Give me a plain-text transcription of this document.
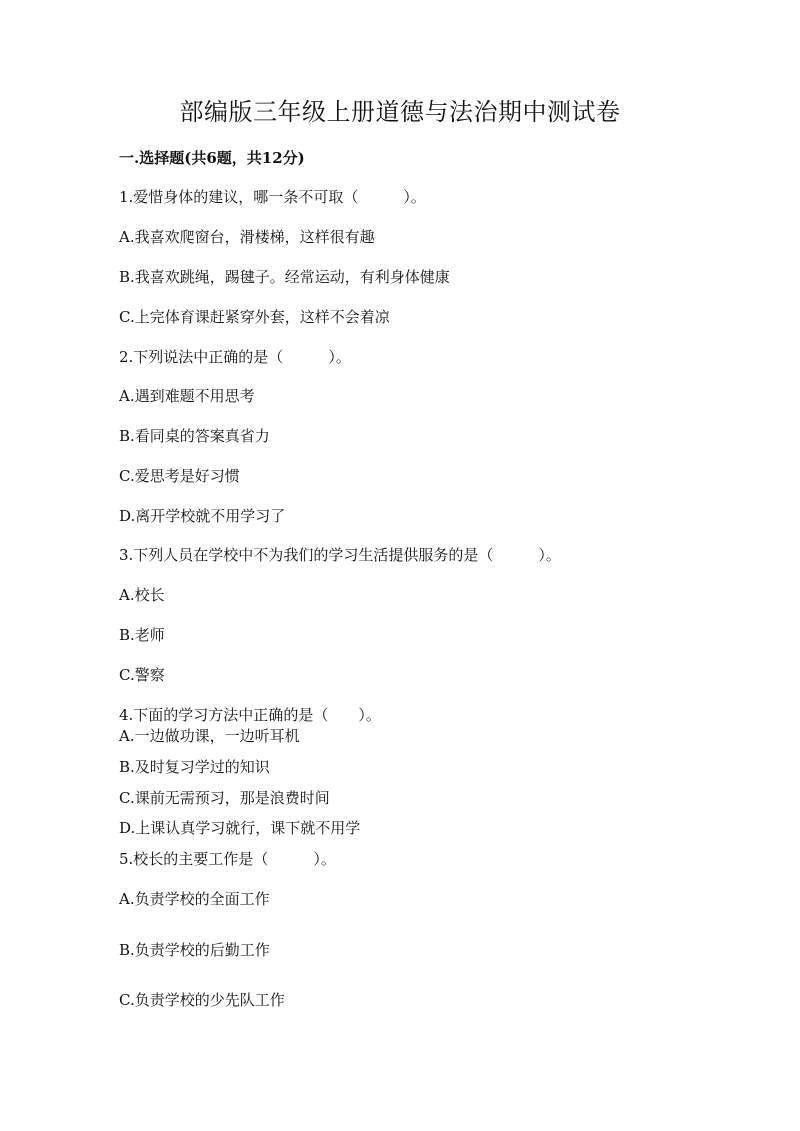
部编版三年级上册道德与法治期中测试卷
一.选择题(共6题，共12分)
1.爱惜身体的建议，哪一条不可取（　　　）。
A.我喜欢爬窗台，滑楼梯，这样很有趣
B.我喜欢跳绳，踢毽子。经常运动，有利身体健康
C.上完体育课赶紧穿外套，这样不会着凉
2.下列说法中正确的是（　　　）。
A.遇到难题不用思考
B.看同桌的答案真省力
C.爱思考是好习惯
D.离开学校就不用学习了
3.下列人员在学校中不为我们的学习生活提供服务的是（　　　）。
A.校长
B.老师
C.警察
4.下面的学习方法中正确的是（　　）。
A.一边做功课，一边听耳机
B.及时复习学过的知识
C.课前无需预习，那是浪费时间
D.上课认真学习就行，课下就不用学
5.校长的主要工作是（　　　）。
A.负责学校的全面工作
B.负责学校的后勤工作
C.负责学校的少先队工作
